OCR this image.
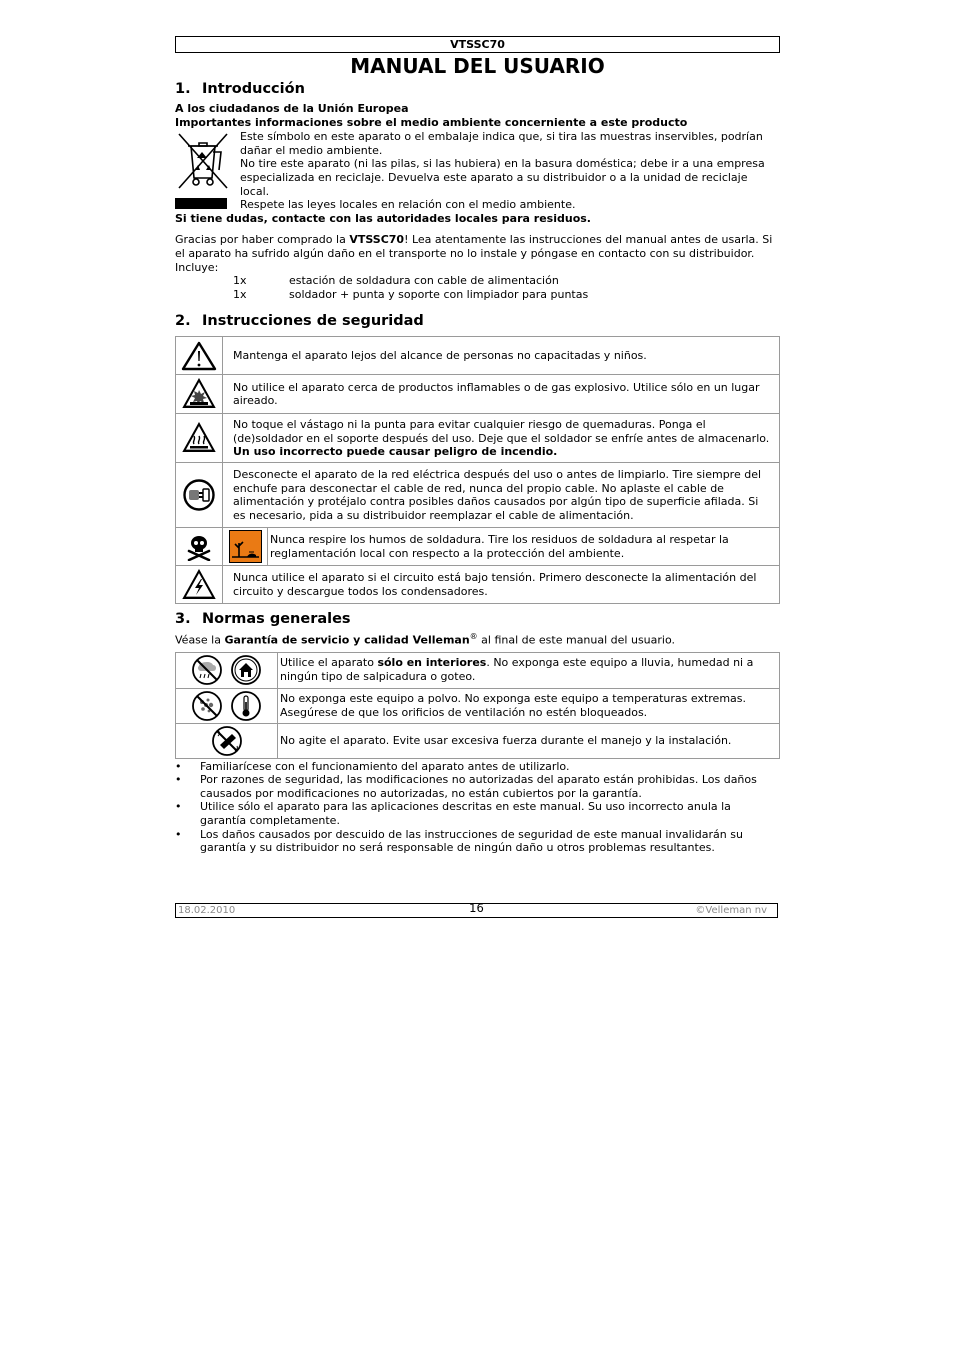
VTSSC70
MANUAL DEL USUARIO
1. Introducción

A los ciudadanos de la Unión Europea

Importantes informaciones sobre el medio ambiente concerniente a este producto

Este símbolo en este aparato o el embalaje indica que, si tira las muestras inservibles, podrían dañar el medio ambiente.

No tire este aparato (ni las pilas, si las hubiera) en la basura doméstica; debe ir a una empresa especializada en reciclaje. Devuelva este aparato a su distribuidor o a la unidad de reciclaje local.

Respete las leyes locales en relación con el medio ambiente.

Si tiene dudas, contacte con las autoridades locales para residuos.

Gracias por haber comprado la VTSSC70! Lea atentamente las instrucciones del manual antes de usarla. Si el aparato ha sufrido algún daño en el transporte no lo instale y póngase en contacto con su distribuidor.

Incluye:

1x	estación de soldadura con cable de alimentación
1x	soldador + punta y soporte con limpiador para puntas
2. Instrucciones de seguridad
	Mantenga el aparato lejos del alcance de personas no capacitadas y niños.	
	No utilice el aparato cerca de productos inflamables o de gas explosivo. Utilice sólo en un lugar aireado.	
	No toque el vástago ni la punta para evitar cualquier riesgo de quemaduras. Ponga el (de)soldador en el soporte después del uso. Deje que el soldador se enfríe antes de almacenarlo. Un uso incorrecto puede causar peligro de incendio.	
	Desconecte el aparato de la red eléctrica después del uso o antes de limpiarlo. Tire siempre del enchufe para desconectar el cable de red, nunca del propio cable. No aplaste el cable de alimentación y protéjalo contra posibles daños causados por algún tipo de superficie afilada. Si es necesario, pida a su distribuidor reemplazar el cable de alimentación.	
		Nunca respire los humos de soldadura. Tire los residuos de soldadura al respetar la reglamentación local con respecto a la protección del ambiente.
	Nunca utilice el aparato si el circuito está bajo tensión. Primero desconecte la alimentación del circuito y descargue todos los condensadores.	
3. Normas generales

Véase la Garantía de servicio y calidad Velleman® al final de este manual del usuario.

	Utilice el aparato sólo en interiores. No exponga este equipo a lluvia, humedad ni a ningún tipo de salpicadura o goteo.
	No exponga este equipo a polvo. No exponga este equipo a temperaturas extremas. Asegúrese de que los orificios de ventilación no estén bloqueados.
	No agite el aparato. Evite usar excesiva fuerza durante el manejo y la instalación.
• Familiarícese con el funcionamiento del aparato antes de utilizarlo.
• Por razones de seguridad, las modificaciones no autorizadas del aparato están prohibidas. Los daños causados por modificaciones no autorizadas, no están cubiertos por la garantía.
• Utilice sólo el aparato para las aplicaciones descritas en este manual. Su uso incorrecto anula la garantía completamente.
• Los daños causados por descuido de las instrucciones de seguridad de este manual invalidarán su garantía y su distribuidor no será responsable de ningún daño u otros problemas resultantes.
18.02.2010	16	©Velleman nv
